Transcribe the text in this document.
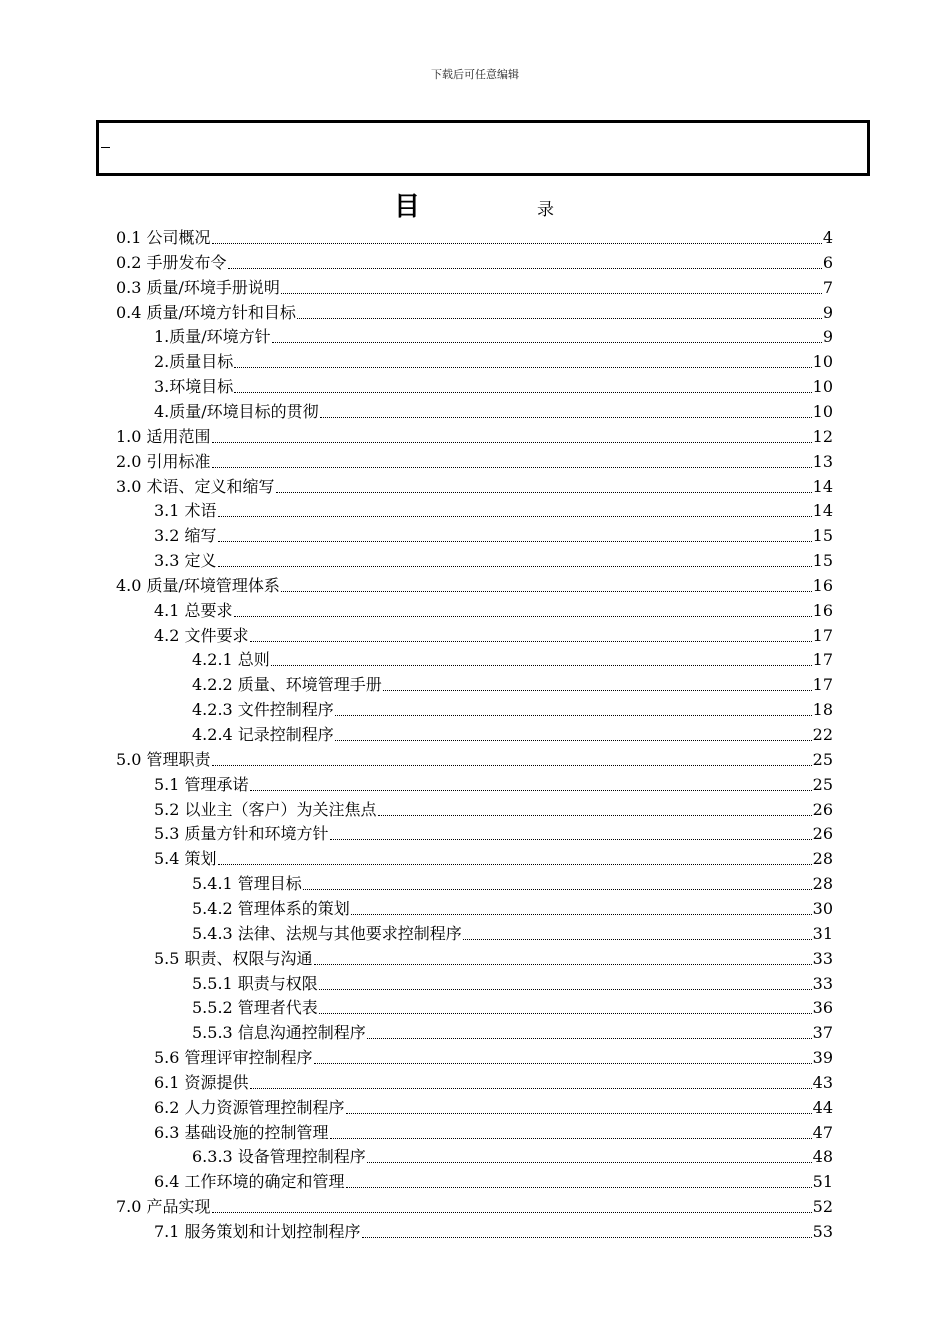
下载后可任意编辑
目	录
0.1 公司概况	4
0.2 手册发布令	6
0.3 质量/环境手册说明	7
0.4 质量/环境方针和目标	9
1.质量/环境方针	9
2.质量目标	10
3.环境目标	10
4.质量/环境目标的贯彻	10
1.0 适用范围	12
2.0 引用标准	13
3.0 术语、定义和缩写	14
3.1 术语	14
3.2 缩写	15
3.3 定义	15
4.0 质量/环境管理体系	16
4.1 总要求	16
4.2 文件要求	17
4.2.1 总则	17
4.2.2 质量、环境管理手册	17
4.2.3 文件控制程序	18
4.2.4 记录控制程序	22
5.0 管理职责	25
5.1 管理承诺	25
5.2 以业主（客户）为关注焦点	26
5.3 质量方针和环境方针	26
5.4 策划	28
5.4.1 管理目标	28
5.4.2 管理体系的策划	30
5.4.3 法律、法规与其他要求控制程序	31
5.5 职责、权限与沟通	33
5.5.1 职责与权限	33
5.5.2 管理者代表	36
5.5.3 信息沟通控制程序	37
5.6 管理评审控制程序	39
6.1 资源提供	43
6.2 人力资源管理控制程序	44
6.3 基础设施的控制管理	47
6.3.3 设备管理控制程序	48
6.4 工作环境的确定和管理	51
7.0 产品实现	52
7.1 服务策划和计划控制程序	53
